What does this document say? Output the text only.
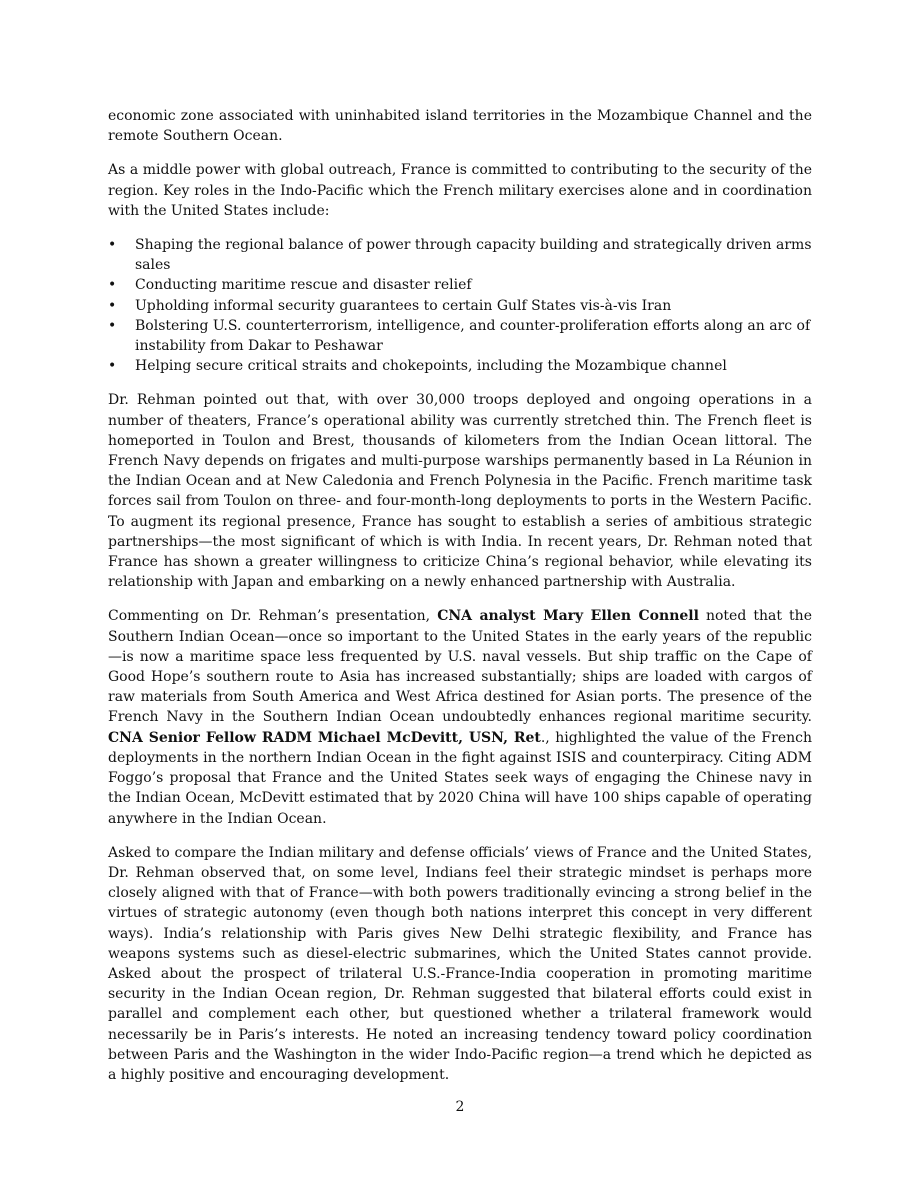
economic zone associated with uninhabited island territories in the Mozambique Channel and the remote Southern Ocean.

As a middle power with global outreach, France is committed to contributing to the security of the region. Key roles in the Indo-Pacific which the French military exercises alone and in coordination with the United States include:

• Shaping the regional balance of power through capacity building and strategically driven arms sales
• Conducting maritime rescue and disaster relief
• Upholding informal security guarantees to certain Gulf States vis-à-vis Iran
• Bolstering U.S. counterterrorism, intelligence, and counter-proliferation efforts along an arc of instability from Dakar to Peshawar
• Helping secure critical straits and chokepoints, including the Mozambique channel

Dr. Rehman pointed out that, with over 30,000 troops deployed and ongoing operations in a number of theaters, France’s operational ability was currently stretched thin. The French fleet is homeported in Toulon and Brest, thousands of kilometers from the Indian Ocean littoral. The French Navy depends on frigates and multi-purpose warships permanently based in La Réunion in the Indian Ocean and at New Caledonia and French Polynesia in the Pacific. French maritime task forces sail from Toulon on three- and four-month-long deployments to ports in the Western Pacific. To augment its regional presence, France has sought to establish a series of ambitious strategic partnerships—the most significant of which is with India. In recent years, Dr. Rehman noted that France has shown a greater willingness to criticize China’s regional behavior, while elevating its relationship with Japan and embarking on a newly enhanced partnership with Australia.

Commenting on Dr. Rehman’s presentation, CNA analyst Mary Ellen Connell noted that the Southern Indian Ocean—once so important to the United States in the early years of the republic—is now a maritime space less frequented by U.S. naval vessels. But ship traffic on the Cape of Good Hope’s southern route to Asia has increased substantially; ships are loaded with cargos of raw materials from South America and West Africa destined for Asian ports. The presence of the French Navy in the Southern Indian Ocean undoubtedly enhances regional maritime security. CNA Senior Fellow RADM Michael McDevitt, USN, Ret., highlighted the value of the French deployments in the northern Indian Ocean in the fight against ISIS and counterpiracy. Citing ADM Foggo’s proposal that France and the United States seek ways of engaging the Chinese navy in the Indian Ocean, McDevitt estimated that by 2020 China will have 100 ships capable of operating anywhere in the Indian Ocean.

Asked to compare the Indian military and defense officials’ views of France and the United States, Dr. Rehman observed that, on some level, Indians feel their strategic mindset is perhaps more closely aligned with that of France—with both powers traditionally evincing a strong belief in the virtues of strategic autonomy (even though both nations interpret this concept in very different ways). India’s relationship with Paris gives New Delhi strategic flexibility, and France has weapons systems such as diesel-electric submarines, which the United States cannot provide. Asked about the prospect of trilateral U.S.-France-India cooperation in promoting maritime security in the Indian Ocean region, Dr. Rehman suggested that bilateral efforts could exist in parallel and complement each other, but questioned whether a trilateral framework would necessarily be in Paris’s interests. He noted an increasing tendency toward policy coordination between Paris and the Washington in the wider Indo-Pacific region—a trend which he depicted as a highly positive and encouraging development.

2
